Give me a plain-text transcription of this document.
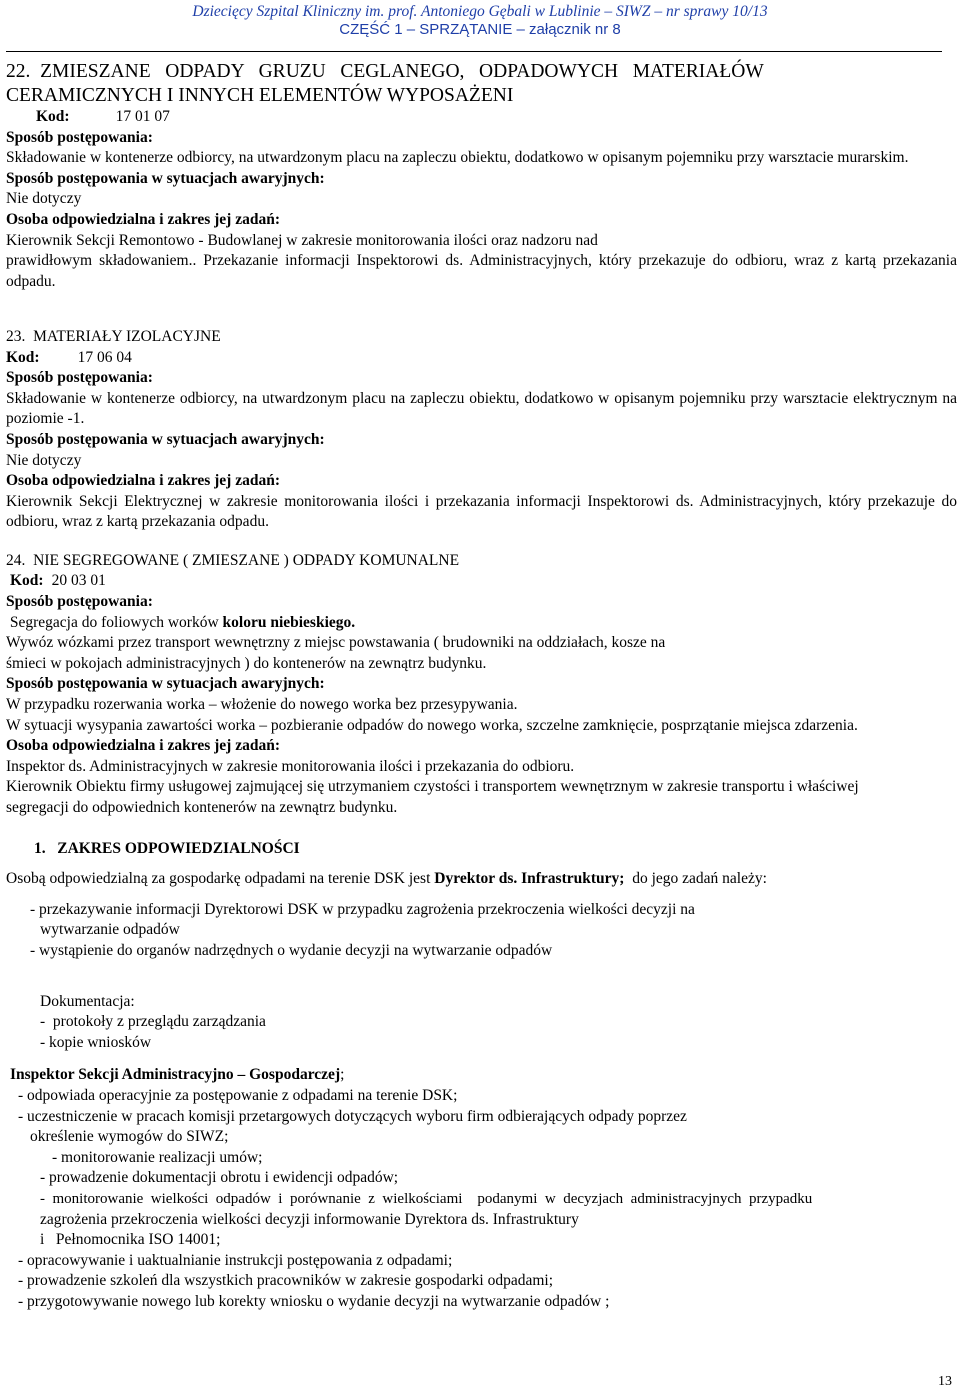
Dziecięcy Szpital Kliniczny im. prof. Antoniego Gębali w Lublinie – SIWZ – nr sprawy 10/13
CZĘŚĆ 1 – SPRZĄTANIE – załącznik nr 8

22.  ZMIESZANE   ODPADY   GRUZU   CEGLANEGO,   ODPADOWYCH   MATERIAŁÓW

CERAMICZNYCH I INNYCH ELEMENTÓW WYPOSAŻENI

Kod:	17 01 07

Sposób postępowania:

Składowanie w kontenerze odbiorcy, na utwardzonym placu na zapleczu obiektu, dodatkowo w opisanym pojemniku przy warsztacie murarskim.

Sposób postępowania w sytuacjach awaryjnych:

Nie dotyczy

Osoba odpowiedzialna i zakres jej zadań:

Kierownik Sekcji Remontowo - Budowlanej w zakresie monitorowania ilości oraz nadzoru nad

prawidłowym składowaniem.. Przekazanie informacji Inspektorowi ds. Administracyjnych, który przekazuje do odbioru, wraz z kartą przekazania odpadu.

23.  MATERIAŁY IZOLACYJNE

Kod: 17 06 04

Sposób postępowania:

Składowanie w kontenerze odbiorcy, na utwardzonym placu na zapleczu obiektu, dodatkowo w opisanym pojemniku przy warsztacie elektrycznym na poziomie -1.

Sposób postępowania w sytuacjach awaryjnych:

Nie dotyczy

Osoba odpowiedzialna i zakres jej zadań:

Kierownik Sekcji Elektrycznej w zakresie monitorowania ilości i przekazania informacji Inspektorowi ds. Administracyjnych, który przekazuje do odbioru, wraz z kartą przekazania odpadu.

24.  NIE SEGREGOWANE ( ZMIESZANE ) ODPADY KOMUNALNE

Kod: 20 03 01

Sposób postępowania:

Segregacja do foliowych worków koloru niebieskiego.

Wywóz wózkami przez transport wewnętrzny z miejsc powstawania ( brudowniki na oddziałach, kosze na

śmieci w pokojach administracyjnych ) do kontenerów na zewnątrz budynku.

Sposób postępowania w sytuacjach awaryjnych:

W przypadku rozerwania worka – włożenie do nowego worka bez przesypywania.

W sytuacji wysypania zawartości worka – pozbieranie odpadów do nowego worka, szczelne zamknięcie, posprzątanie miejsca zdarzenia.

Osoba odpowiedzialna i zakres jej zadań:

Inspektor ds. Administracyjnych w zakresie monitorowania ilości i przekazania do odbioru.

Kierownik Obiektu firmy usługowej zajmującej się utrzymaniem czystości i transportem wewnętrznym w zakresie transportu i właściwej segregacji do odpowiednich kontenerów na zewnątrz budynku.

1.   ZAKRES ODPOWIEDZIALNOŚCI

Osobą odpowiedzialną za gospodarkę odpadami na terenie DSK jest Dyrektor ds. Infrastruktury;  do jego zadań należy:

- przekazywanie informacji Dyrektorowi DSK w przypadku zagrożenia przekroczenia wielkości decyzji na

wytwarzanie odpadów

- wystąpienie do organów nadrzędnych o wydanie decyzji na wytwarzanie odpadów

Dokumentacja:

-  protokoły z przeglądu zarządzania

- kopie wniosków

Inspektor Sekcji Administracyjno – Gospodarczej;

- odpowiada operacyjnie za postępowanie z odpadami na terenie DSK;

- uczestniczenie w pracach komisji przetargowych dotyczących wyboru firm odbierających odpady poprzez

określenie wymogów do SIWZ;

- monitorowanie realizacji umów;

- prowadzenie dokumentacji obrotu i ewidencji odpadów;

-  monitorowanie  wielkości  odpadów  i  porównanie  z  wielkościami    podanymi  w  decyzjach  administracyjnych  przypadku

zagrożenia przekroczenia wielkości decyzji informowanie Dyrektora ds. Infrastruktury

i   Pełnomocnika ISO 14001;

- opracowywanie i uaktualnianie instrukcji postępowania z odpadami;

- prowadzenie szkoleń dla wszystkich pracowników w zakresie gospodarki odpadami;

- przygotowywanie nowego lub korekty wniosku o wydanie decyzji na wytwarzanie odpadów ;

13
